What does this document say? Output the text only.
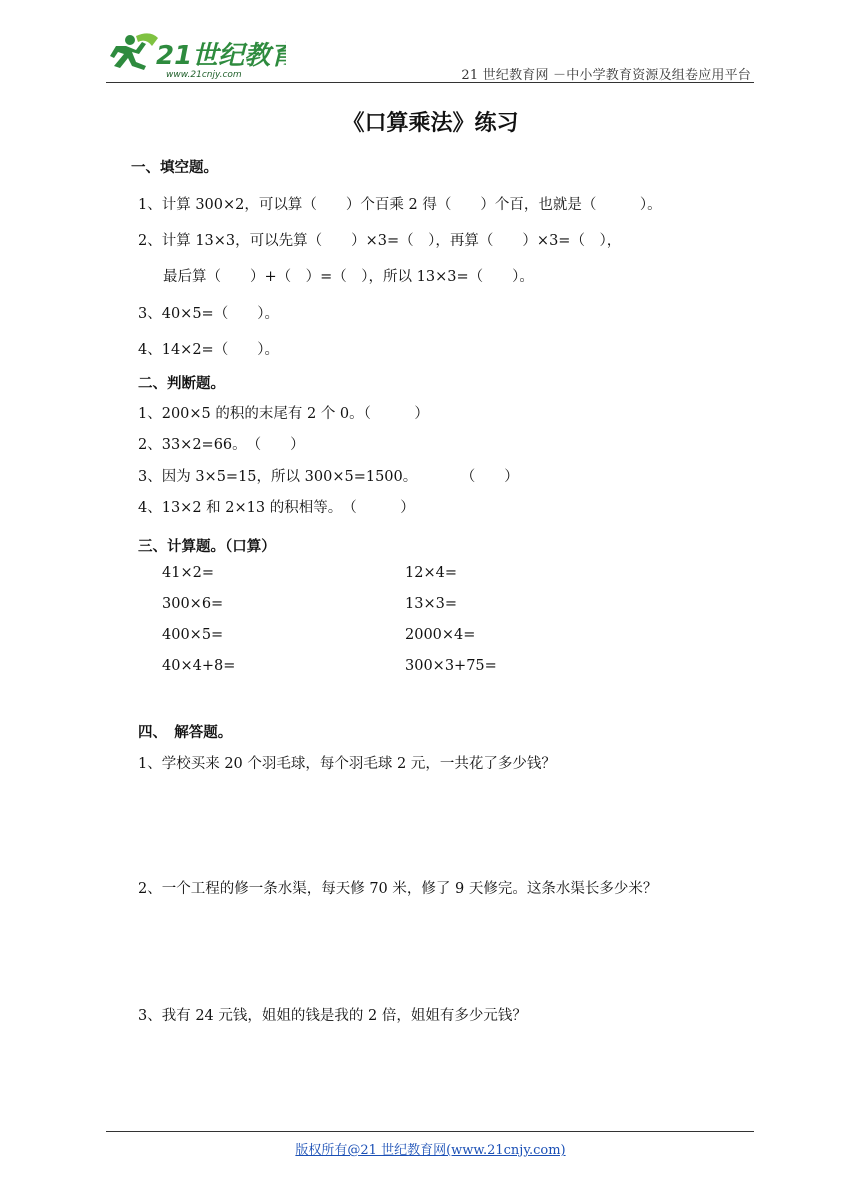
21世纪教育
www.21cnjy.com	21 世纪教育网 －中小学教育资源及组卷应用平台
《口算乘法》练习
一、填空题。
1、计算 300×2，可以算（　　）个百乘 2 得（　　）个百，也就是（　　　）。
2、计算 13×3，可以先算（　　）×3=（　），再算（　　）×3=（　），
最后算（　　）+（　）=（　），所以 13×3=（　　）。
3、40×5=（　　）。
4、14×2=（　　）。
二、判断题。
1、200×5 的积的末尾有 2 个 0。（　　　）
2、33×2=66。　（　　）
3、因为 3×5=15，所以 300×5=1500。　　　　（　　）
4、13×2 和 2×13 的积相等。　（　　　）
三、计算题。（口算）
41×2=	12×4=
300×6=	13×3=
400×5=	2000×4=
40×4+8=	300×3+75=
四、　解答题。
1、学校买来 20 个羽毛球，每个羽毛球 2 元，一共花了多少钱？
2、一个工程的修一条水渠，每天修 70 米，修了 9 天修完。这条水渠长多少米？
3、我有 24 元钱，姐姐的钱是我的 2 倍，姐姐有多少元钱？
版权所有@21 世纪教育网(www.21cnjy.com)
